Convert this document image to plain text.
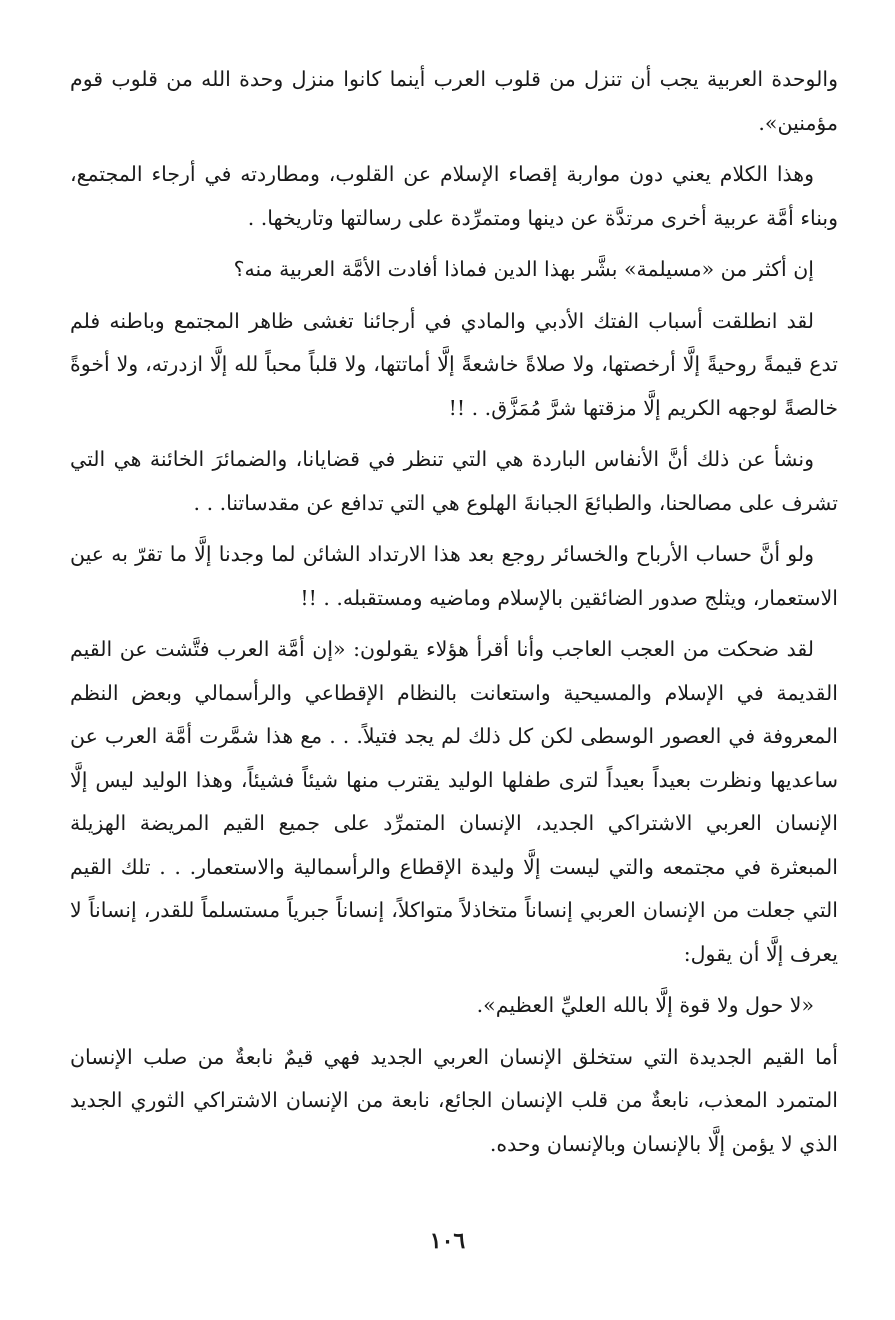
والوحدة العربية يجب أن تنزل من قلوب العرب أينما كانوا منزل وحدة الله من قلوب قوم مؤمنين».

وهذا الكلام يعني دون مواربة إقصاء الإسلام عن القلوب، ومطاردته في أرجاء المجتمع، وبناء أمَّة عربية أخرى مرتدَّة عن دينها ومتمرِّدة على رسالتها وتاريخها. .

إن أكثر من «مسيلمة» بشَّر بهذا الدين فماذا أفادت الأمَّة العربية منه؟

لقد انطلقت أسباب الفتك الأدبي والمادي في أرجائنا تغشى ظاهر المجتمع وباطنه فلم تدع قيمةً روحيةً إلَّا أرخصتها، ولا صلاةً خاشعةً إلَّا أماتتها، ولا قلباً محباً لله إلَّا ازدرته، ولا أخوةً خالصةً لوجهه الكريم إلَّا مزقتها شرَّ مُمَزَّق. . !!

ونشأ عن ذلك أنَّ الأنفاس الباردة هي التي تنظر في قضايانا، والضمائرَ الخائنة هي التي تشرف على مصالحنا، والطبائعَ الجبانةَ الهلوع هي التي تدافع عن مقدساتنا. . .

ولو أنَّ حساب الأرباح والخسائر روجع بعد هذا الارتداد الشائن لما وجدنا إلَّا ما تقرّ به عين الاستعمار، ويثلج صدور الضائقين بالإسلام وماضيه ومستقبله. . !!

لقد ضحكت من العجب العاجب وأنا أقرأ هؤلاء يقولون: «إن أمَّة العرب فتَّشت عن القيم القديمة في الإسلام والمسيحية واستعانت بالنظام الإقطاعي والرأسمالي وبعض النظم المعروفة في العصور الوسطى لكن كل ذلك لم يجد فتيلاً. . . مع هذا شمَّرت أمَّة العرب عن ساعديها ونظرت بعيداً بعيداً لترى طفلها الوليد يقترب منها شيئاً فشيئاً، وهذا الوليد ليس إلَّا الإنسان العربي الاشتراكي الجديد، الإنسان المتمرِّد على جميع القيم المريضة الهزيلة المبعثرة في مجتمعه والتي ليست إلَّا وليدة الإقطاع والرأسمالية والاستعمار. . . تلك القيم التي جعلت من الإنسان العربي إنساناً متخاذلاً متواكلاً، إنساناً جبرياً مستسلماً للقدر، إنساناً لا يعرف إلَّا أن يقول:

«لا حول ولا قوة إلَّا بالله العليِّ العظيم».

أما القيم الجديدة التي ستخلق الإنسان العربي الجديد فهي قيمٌ نابعةٌ من صلب الإنسان المتمرد المعذب، نابعةٌ من قلب الإنسان الجائع، نابعة من الإنسان الاشتراكي الثوري الجديد الذي لا يؤمن إلَّا بالإنسان وبالإنسان وحده.

١٠٦
